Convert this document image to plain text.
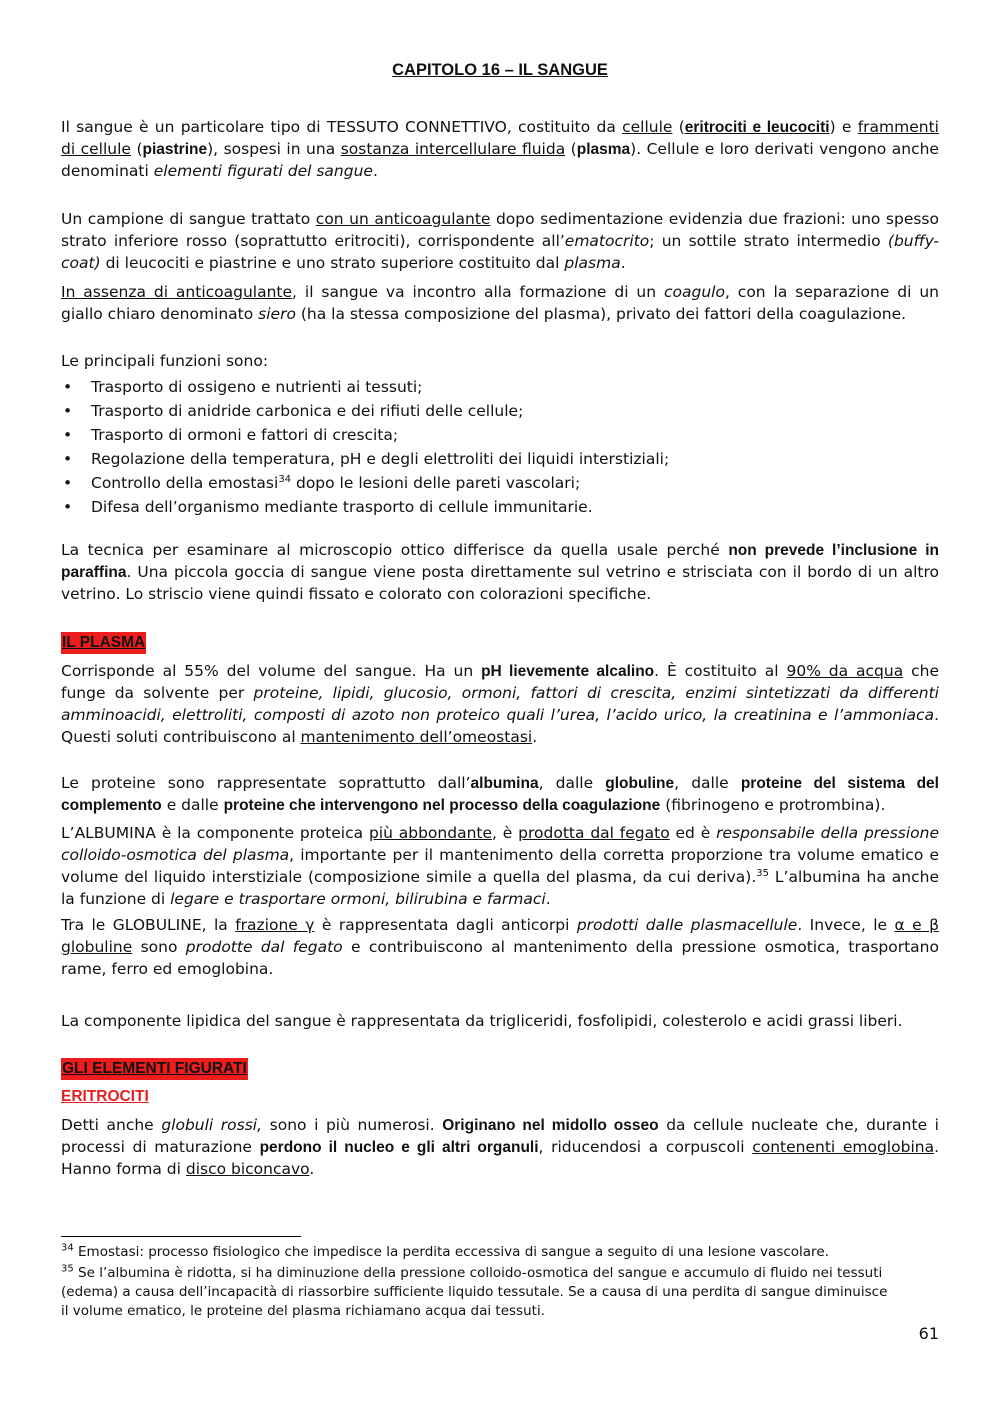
CAPITOLO 16 – IL SANGUE
Il sangue è un particolare tipo di TESSUTO CONNETTIVO, costituito da cellule (eritrociti e leucociti) e frammenti
di cellule (piastrine), sospesi in una sostanza intercellulare fluida (plasma). Cellule e loro derivati vengono anche
denominati elementi figurati del sangue.
Un campione di sangue trattato con un anticoagulante dopo sedimentazione evidenzia due frazioni: uno spesso
strato inferiore rosso (soprattutto eritrociti), corrispondente all’ematocrito; un sottile strato intermedio (buffy-
coat) di leucociti e piastrine e uno strato superiore costituito dal plasma.
In assenza di anticoagulante, il sangue va incontro alla formazione di un coagulo, con la separazione di un
giallo chiaro denominato siero (ha la stessa composizione del plasma), privato dei fattori della coagulazione.
Le principali funzioni sono:
• Trasporto di ossigeno e nutrienti ai tessuti;
• Trasporto di anidride carbonica e dei rifiuti delle cellule;
• Trasporto di ormoni e fattori di crescita;
• Regolazione della temperatura, pH e degli elettroliti dei liquidi interstiziali;
• Controllo della emostasi$^{34}$ dopo le lesioni delle pareti vascolari;
• Difesa dell’organismo mediante trasporto di cellule immunitarie.
La tecnica per esaminare al microscopio ottico differisce da quella usale perché non prevede l’inclusione in
paraffina. Una piccola goccia di sangue viene posta direttamente sul vetrino e strisciata con il bordo di un altro
vetrino. Lo striscio viene quindi fissato e colorato con colorazioni specifiche.
IL PLASMA
Corrisponde al 55% del volume del sangue. Ha un pH lievemente alcalino. È costituito al 90% da acqua che
funge da solvente per proteine, lipidi, glucosio, ormoni, fattori di crescita, enzimi sintetizzati da differenti
amminoacidi, elettroliti, composti di azoto non proteico quali l’urea, l’acido urico, la creatinina e l’ammoniaca.
Questi soluti contribuiscono al mantenimento dell’omeostasi.
Le proteine sono rappresentate soprattutto dall’albumina, dalle globuline, dalle proteine del sistema del
complemento e dalle proteine che intervengono nel processo della coagulazione (fibrinogeno e protrombina).
L’ALBUMINA è la componente proteica più abbondante, è prodotta dal fegato ed è responsabile della pressione
colloido-osmotica del plasma, importante per il mantenimento della corretta proporzione tra volume ematico e
volume del liquido interstiziale (composizione simile a quella del plasma, da cui deriva).$^{35}$ L’albumina ha anche
la funzione di legare e trasportare ormoni, bilirubina e farmaci.
Tra le GLOBULINE, la frazione γ è rappresentata dagli anticorpi prodotti dalle plasmacellule. Invece, le α e β
globuline sono prodotte dal fegato e contribuiscono al mantenimento della pressione osmotica, trasportano
rame, ferro ed emoglobina.
La componente lipidica del sangue è rappresentata da trigliceridi, fosfolipidi, colesterolo e acidi grassi liberi.
GLI ELEMENTI FIGURATI
ERITROCITI
Detti anche globuli rossi, sono i più numerosi. Originano nel midollo osseo da cellule nucleate che, durante i
processi di maturazione perdono il nucleo e gli altri organuli, riducendosi a corpuscoli contenenti emoglobina.
Hanno forma di disco biconcavo.
$^{34}$ Emostasi: processo fisiologico che impedisce la perdita eccessiva di sangue a seguito di una lesione vascolare.
$^{35}$ Se l’albumina è ridotta, si ha diminuzione della pressione colloido-osmotica del sangue e accumulo di fluido nei tessuti
(edema) a causa dell’incapacità di riassorbire sufficiente liquido tessutale. Se a causa di una perdita di sangue diminuisce
il volume ematico, le proteine del plasma richiamano acqua dai tessuti.
61
